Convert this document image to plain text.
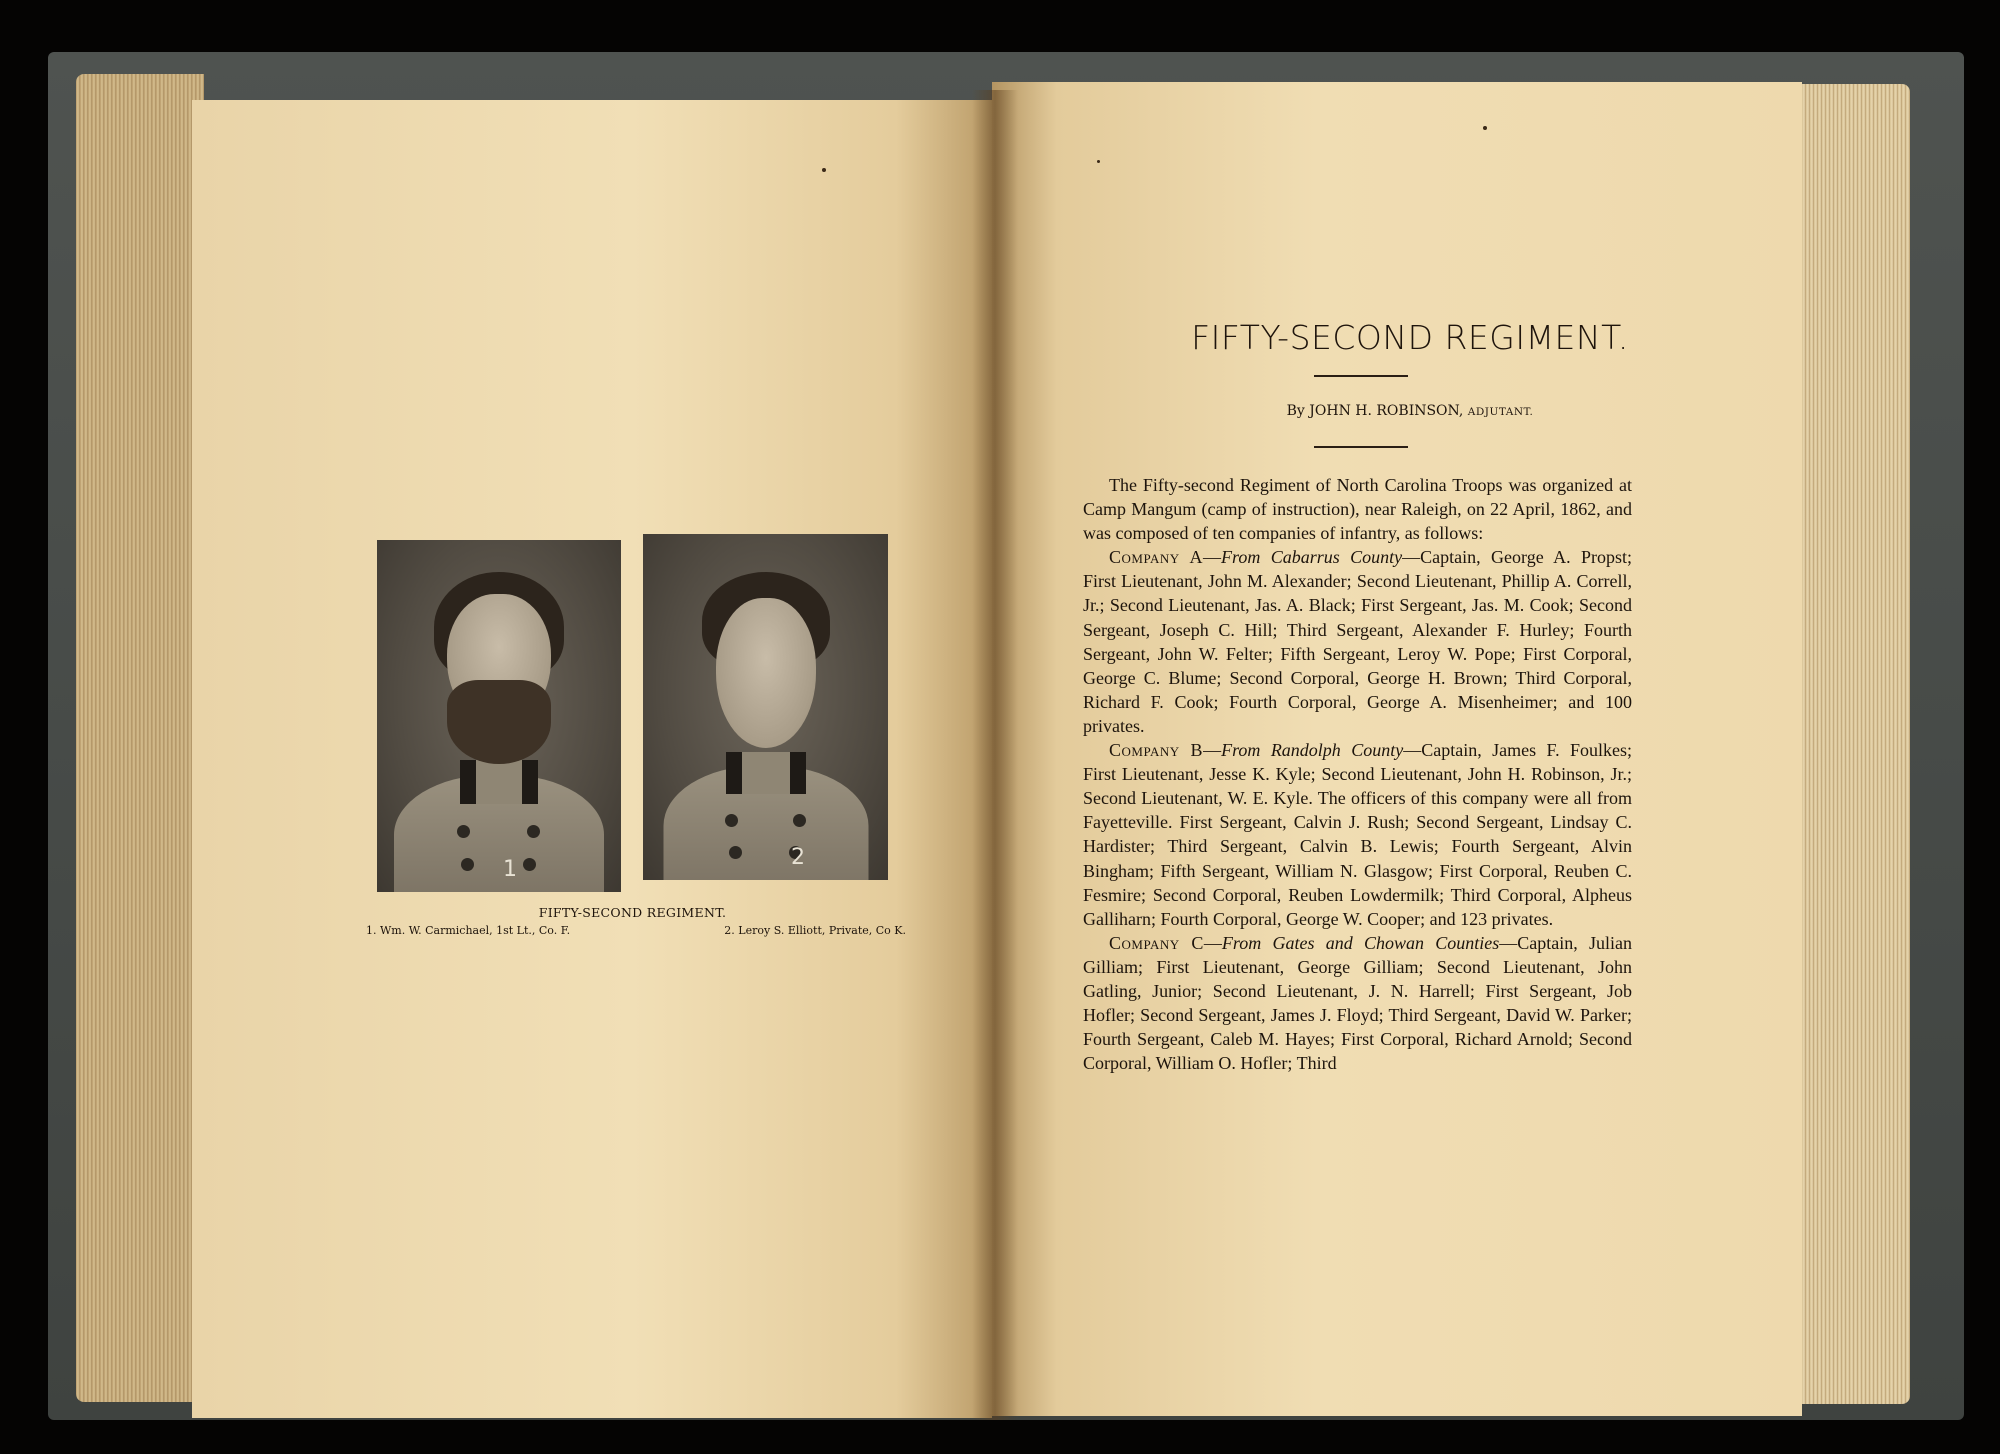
1	2
FIFTY-SECOND REGIMENT.
1. Wm. W. Carmichael, 1st Lt., Co. F.	2. Leroy S. Elliott, Private, Co K.
FIFTY-SECOND REGIMENT.
By JOHN H. ROBINSON, ADJUTANT.

The Fifty-second Regiment of North Carolina Troops was organized at Camp Mangum (camp of instruction), near Raleigh, on 22 April, 1862, and was composed of ten companies of infantry, as follows:

Company A—From Cabarrus County—Captain, George A. Propst; First Lieutenant, John M. Alexander; Second Lieutenant, Phillip A. Correll, Jr.; Second Lieutenant, Jas. A. Black; First Sergeant, Jas. M. Cook; Second Sergeant, Joseph C. Hill; Third Sergeant, Alexander F. Hurley; Fourth Sergeant, John W. Felter; Fifth Sergeant, Leroy W. Pope; First Corporal, George C. Blume; Second Corporal, George H. Brown; Third Corporal, Richard F. Cook; Fourth Corporal, George A. Misenheimer; and 100 privates.

Company B—From Randolph County—Captain, James F. Foulkes; First Lieutenant, Jesse K. Kyle; Second Lieutenant, John H. Robinson, Jr.; Second Lieutenant, W. E. Kyle. The officers of this company were all from Fayetteville. First Sergeant, Calvin J. Rush; Second Sergeant, Lindsay C. Hardister; Third Sergeant, Calvin B. Lewis; Fourth Sergeant, Alvin Bingham; Fifth Sergeant, William N. Glasgow; First Corporal, Reuben C. Fesmire; Second Corporal, Reuben Lowdermilk; Third Corporal, Alpheus Galliharn; Fourth Corporal, George W. Cooper; and 123 privates.

Company C—From Gates and Chowan Counties—Captain, Julian Gilliam; First Lieutenant, George Gilliam; Second Lieutenant, John Gatling, Junior; Second Lieutenant, J. N. Harrell; First Sergeant, Job Hofler; Second Sergeant, James J. Floyd; Third Sergeant, David W. Parker; Fourth Sergeant, Caleb M. Hayes; First Corporal, Richard Arnold; Second Corporal, William O. Hofler; Third
